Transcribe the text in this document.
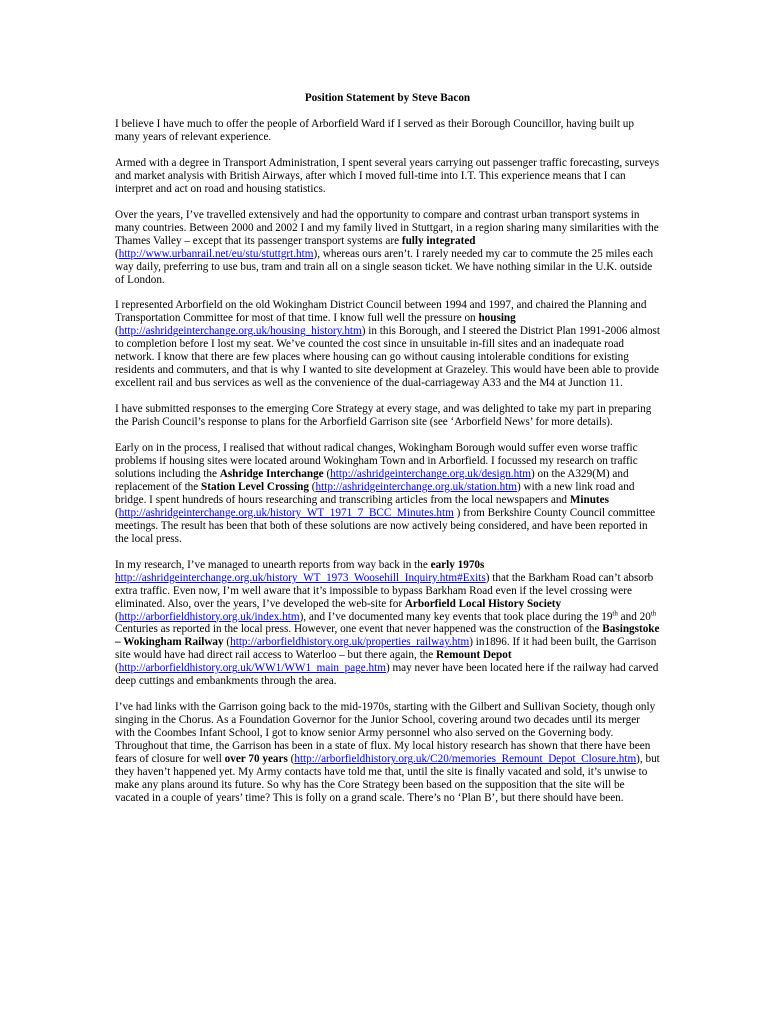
Position Statement by Steve Bacon

I believe I have much to offer the people of Arborfield Ward if I served as their Borough Councillor, having built up many years of relevant experience.

Armed with a degree in Transport Administration, I spent several years carrying out passenger traffic forecasting, surveys and market analysis with British Airways, after which I moved full-time into I.T. This experience means that I can interpret and act on road and housing statistics.

Over the years, I’ve travelled extensively and had the opportunity to compare and contrast urban transport systems in many countries. Between 2000 and 2002 I and my family lived in Stuttgart, in a region sharing many similarities with the Thames Valley – except that its passenger transport systems are fully integrated (http://www.urbanrail.net/eu/stu/stuttgrt.htm), whereas ours aren’t. I rarely needed my car to commute the 25 miles each way daily, preferring to use bus, tram and train all on a single season ticket. We have nothing similar in the U.K. outside of London.

I represented Arborfield on the old Wokingham District Council between 1994 and 1997, and chaired the Planning and Transportation Committee for most of that time. I know full well the pressure on housing (http://ashridgeinterchange.org.uk/housing_history.htm) in this Borough, and I steered the District Plan 1991-2006 almost to completion before I lost my seat. We’ve counted the cost since in unsuitable in-fill sites and an inadequate road network. I know that there are few places where housing can go without causing intolerable conditions for existing residents and commuters, and that is why I wanted to site development at Grazeley. This would have been able to provide excellent rail and bus services as well as the convenience of the dual-carriageway A33 and the M4 at Junction 11.

I have submitted responses to the emerging Core Strategy at every stage, and was delighted to take my part in preparing the Parish Council’s response to plans for the Arborfield Garrison site (see ‘Arborfield News’ for more details).

Early on in the process, I realised that without radical changes, Wokingham Borough would suffer even worse traffic problems if housing sites were located around Wokingham Town and in Arborfield. I focussed my research on traffic solutions including the Ashridge Interchange (http://ashridgeinterchange.org.uk/design.htm) on the A329(M) and replacement of the Station Level Crossing (http://ashridgeinterchange.org.uk/station.htm) with a new link road and bridge. I spent hundreds of hours researching and transcribing articles from the local newspapers and Minutes (http://ashridgeinterchange.org.uk/history_WT_1971_7_BCC_Minutes.htm ) from Berkshire County Council committee meetings. The result has been that both of these solutions are now actively being considered, and have been reported in the local press.

In my research, I’ve managed to unearth reports from way back in the early 1970s http://ashridgeinterchange.org.uk/history_WT_1973_Woosehill_Inquiry.htm#Exits) that the Barkham Road can’t absorb extra traffic. Even now, I’m well aware that it’s impossible to bypass Barkham Road even if the level crossing were eliminated. Also, over the years, I’ve developed the web-site for Arborfield Local History Society (http://arborfieldhistory.org.uk/index.htm), and I’ve documented many key events that took place during the 19th and 20th Centuries as reported in the local press. However, one event that never happened was the construction of the Basingstoke – Wokingham Railway (http://arborfieldhistory.org.uk/properties_railway.htm) in1896. If it had been built, the Garrison site would have had direct rail access to Waterloo – but there again, the Remount Depot (http://arborfieldhistory.org.uk/WW1/WW1_main_page.htm) may never have been located here if the railway had carved deep cuttings and embankments through the area.

I’ve had links with the Garrison going back to the mid-1970s, starting with the Gilbert and Sullivan Society, though only singing in the Chorus. As a Foundation Governor for the Junior School, covering around two decades until its merger with the Coombes Infant School, I got to know senior Army personnel who also served on the Governing body. Throughout that time, the Garrison has been in a state of flux. My local history research has shown that there have been fears of closure for well over 70 years (http://arborfieldhistory.org.uk/C20/memories_Remount_Depot_Closure.htm), but they haven’t happened yet. My Army contacts have told me that, until the site is finally vacated and sold, it’s unwise to make any plans around its future. So why has the Core Strategy been based on the supposition that the site will be vacated in a couple of years’ time? This is folly on a grand scale. There’s no ‘Plan B’, but there should have been.
